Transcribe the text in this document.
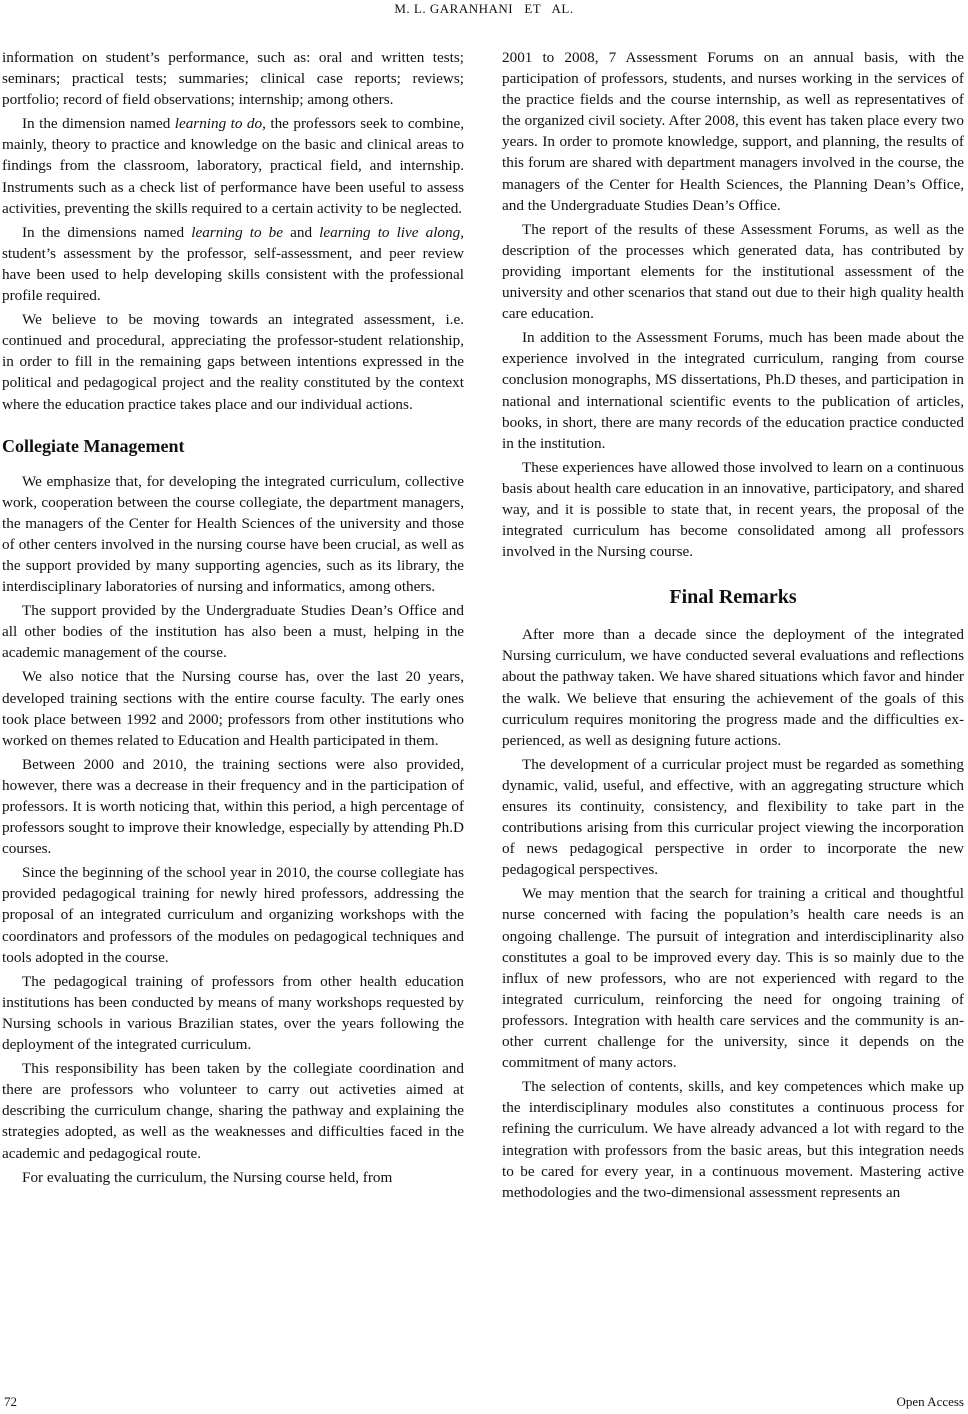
M. L. GARANHANI   ET   AL.

information on student’s performance, such as: oral and written tests; seminars; practical tests; summaries; clinical case reports; reviews; portfolio; record of field observations; internship; among others.

In the dimension named learning to do, the professors seek to combine, mainly, theory to practice and knowledge on the basic and clinical areas to findings from the classroom, laboratory, practical field, and internship. Instruments such as a check list of performance have been useful to assess activities, preventing the skills required to a certain activity to be neglected.

In the dimensions named learning to be and learning to live along, student’s assessment by the professor, self-assessment, and peer review have been used to help developing skills consistent with the professional profile required.

We believe to be moving towards an integrated assessment, i.e. continued and procedural, appreciating the professor-student relationship, in order to fill in the remaining gaps between intentions expressed in the political and pedagogical project and the reality constituted by the context where the education practice takes place and our individual actions.

Collegiate Management

We emphasize that, for developing the integrated curriculum, collective work, cooperation between the course collegiate, the department managers, the managers of the Center for Health Sciences of the university and those of other centers involved in the nursing course have been crucial, as well as the support provided by many supporting agencies, such as its library, the interdisciplinary laboratories of nursing and informatics, among others.

The support provided by the Undergraduate Studies Dean’s Office and all other bodies of the institution has also been a must, helping in the academic management of the course.

We also notice that the Nursing course has, over the last 20 years, developed training sections with the entire course faculty. The early ones took place between 1992 and 2000; professors from other institutions who worked on themes related to Education and Health participated in them.

Between 2000 and 2010, the training sections were also provided, however, there was a decrease in their frequency and in the participation of professors. It is worth noticing that, within this period, a high percentage of professors sought to improve their knowledge, especially by attending Ph.D courses.

Since the beginning of the school year in 2010, the course collegiate has provided pedagogical training for newly hired professors, addressing the proposal of an integrated curriculum and organizing workshops with the coordinators and professors of the modules on pedagogical techniques and tools adopted in the course.

The pedagogical training of professors from other health education institutions has been conducted by means of many workshops requested by Nursing schools in various Brazilian states, over the years following the deployment of the integrated curriculum.

This responsibility has been taken by the collegiate coordination and there are professors who volunteer to carry out activeties aimed at describing the curriculum change, sharing the pathway and explaining the strategies adopted, as well as the weaknesses and difficulties faced in the academic and pedagogical route.

For evaluating the curriculum, the Nursing course held, from

2001 to 2008, 7 Assessment Forums on an annual basis, with the participation of professors, students, and nurses working in the services of the practice fields and the course internship, as well as representatives of the organized civil society. After 2008, this event has taken place every two years. In order to promote knowledge, support, and planning, the results of this forum are shared with department managers involved in the course, the managers of the Center for Health Sciences, the Planning Dean’s Office, and the Undergraduate Studies Dean’s Office.

The report of the results of these Assessment Forums, as well as the description of the processes which generated data, has contributed by providing important elements for the institutional assessment of the university and other scenarios that stand out due to their high quality health care education.

In addition to the Assessment Forums, much has been made about the experience involved in the integrated curriculum, ranging from course conclusion monographs, MS dissertations, Ph.D theses, and participation in national and international scientific events to the publication of articles, books, in short, there are many records of the education practice conducted in the institution.

These experiences have allowed those involved to learn on a continuous basis about health care education in an innovative, participatory, and shared way, and it is possible to state that, in recent years, the proposal of the integrated curriculum has become consolidated among all professors involved in the Nursing course.

Final Remarks

After more than a decade since the deployment of the integrated Nursing curriculum, we have conducted several evaluations and reflections about the pathway taken. We have shared situations which favor and hinder the walk. We believe that ensuring the achievement of the goals of this curriculum requires monitoring the progress made and the difficulties experienced, as well as designing future actions.

The development of a curricular project must be regarded as something dynamic, valid, useful, and effective, with an aggregating structure which ensures its continuity, consistency, and flexibility to take part in the contributions arising from this curricular project viewing the incorporation of news pedagogical perspective in order to incorporate the new pedagogical perspectives.

We may mention that the search for training a critical and thoughtful nurse concerned with facing the population’s health care needs is an ongoing challenge. The pursuit of integration and interdisciplinarity also constitutes a goal to be improved every day. This is so mainly due to the influx of new professors, who are not experienced with regard to the integrated curriculum, reinforcing the need for ongoing training of professors. Integration with health care services and the community is another current challenge for the university, since it depends on the commitment of many actors.

The selection of contents, skills, and key competences which make up the interdisciplinary modules also constitutes a continuous process for refining the curriculum. We have already advanced a lot with regard to the integration with professors from the basic areas, but this integration needs to be cared for every year, in a continuous movement. Mastering active methodologies and the two-dimensional assessment represents an

72	Open Access
